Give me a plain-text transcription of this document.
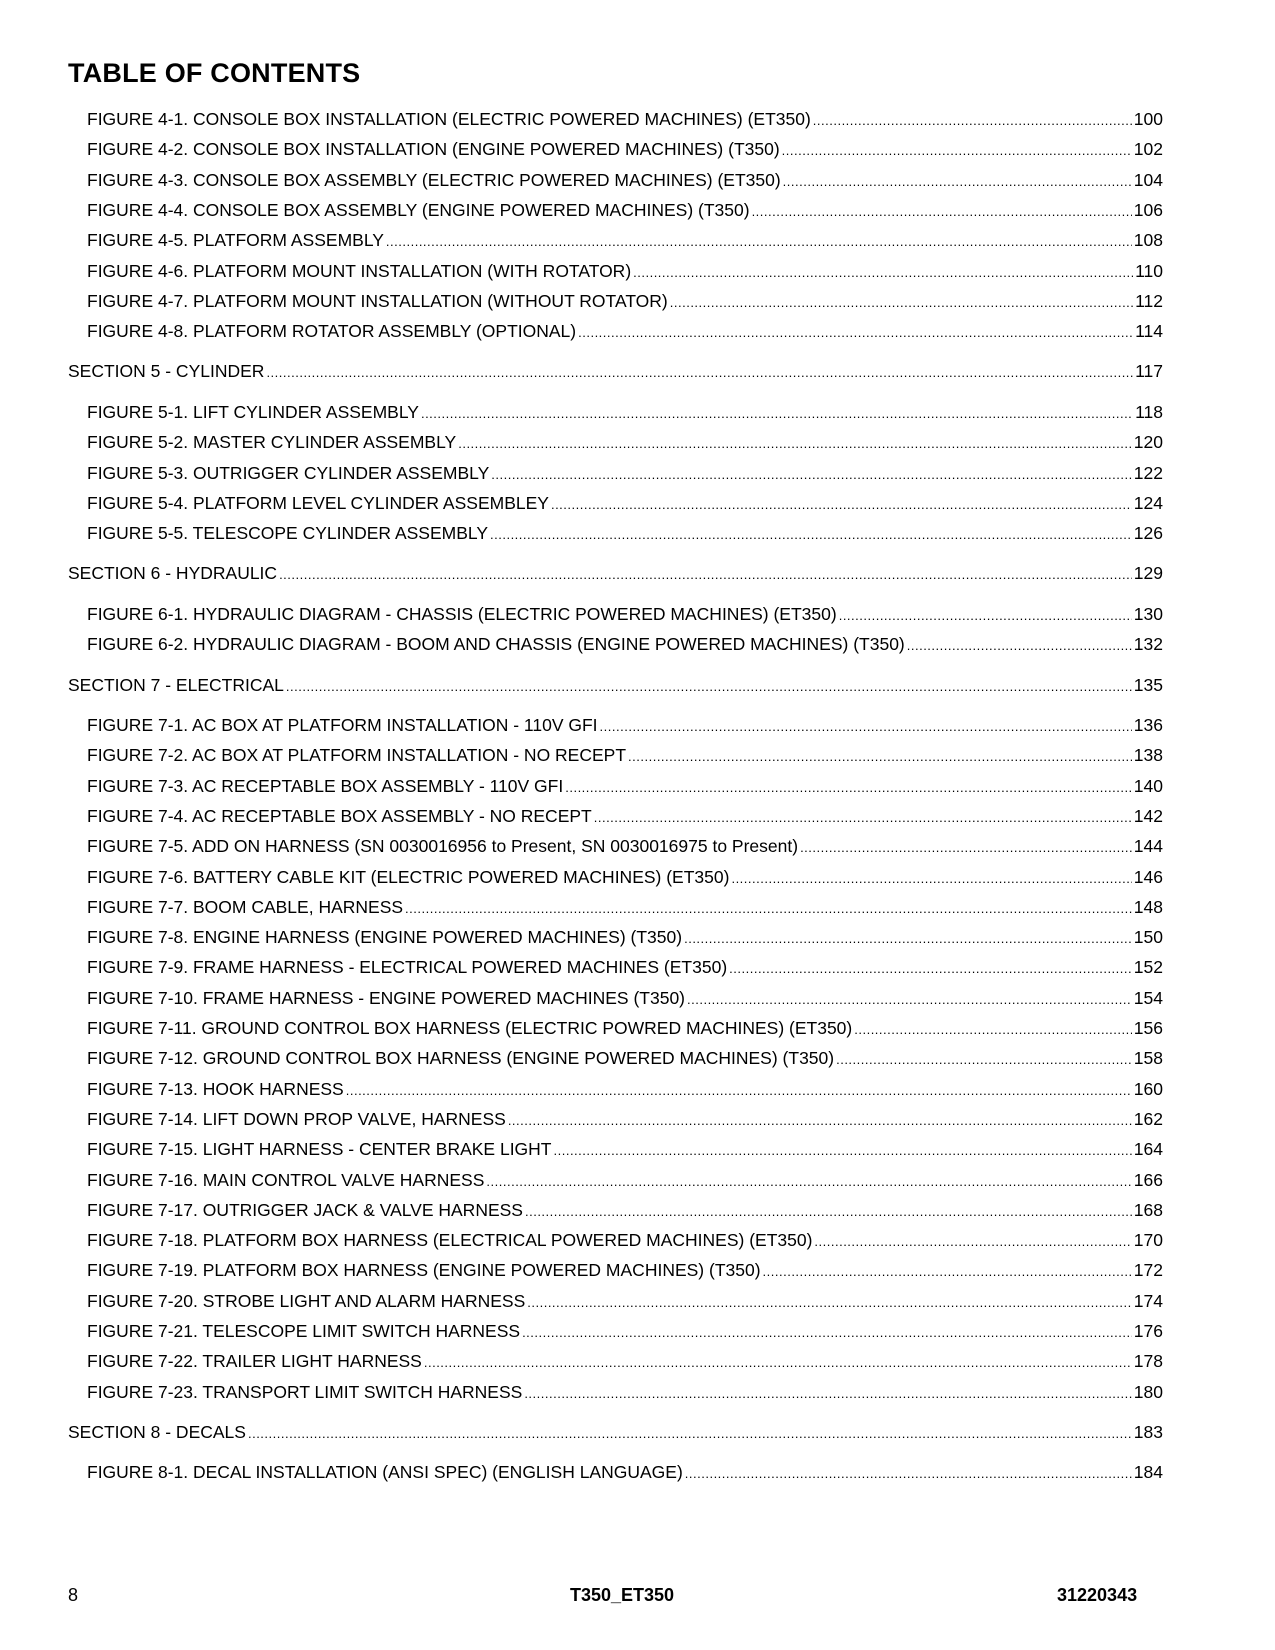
TABLE OF CONTENTS
FIGURE 4-1. CONSOLE BOX INSTALLATION (ELECTRIC POWERED MACHINES) (ET350) .....	100
FIGURE 4-2. CONSOLE BOX INSTALLATION (ENGINE POWERED MACHINES) (T350) .....	102
FIGURE 4-3. CONSOLE BOX ASSEMBLY (ELECTRIC POWERED MACHINES) (ET350) .....	104
FIGURE 4-4. CONSOLE BOX ASSEMBLY (ENGINE POWERED MACHINES) (T350) .....	106
FIGURE 4-5. PLATFORM ASSEMBLY .....	108
FIGURE 4-6. PLATFORM MOUNT INSTALLATION (WITH ROTATOR) .....	110
FIGURE 4-7. PLATFORM MOUNT INSTALLATION (WITHOUT ROTATOR) .....	112
FIGURE 4-8. PLATFORM ROTATOR ASSEMBLY (OPTIONAL) .....	114
SECTION 5 - CYLINDER .....	117
FIGURE 5-1. LIFT CYLINDER ASSEMBLY .....	118
FIGURE 5-2. MASTER CYLINDER ASSEMBLY .....	120
FIGURE 5-3. OUTRIGGER CYLINDER ASSEMBLY .....	122
FIGURE 5-4. PLATFORM LEVEL CYLINDER ASSEMBLEY .....	124
FIGURE 5-5. TELESCOPE CYLINDER ASSEMBLY .....	126
SECTION 6 - HYDRAULIC .....	129
FIGURE 6-1. HYDRAULIC DIAGRAM - CHASSIS (ELECTRIC POWERED MACHINES) (ET350) .....	130
FIGURE 6-2. HYDRAULIC DIAGRAM - BOOM AND CHASSIS (ENGINE POWERED MACHINES) (T350) .....	132
SECTION 7 - ELECTRICAL .....	135
FIGURE 7-1. AC BOX AT PLATFORM INSTALLATION - 110V GFI .....	136
FIGURE 7-2. AC BOX AT PLATFORM INSTALLATION - NO RECEPT .....	138
FIGURE 7-3. AC RECEPTABLE BOX ASSEMBLY - 110V GFI .....	140
FIGURE 7-4. AC RECEPTABLE BOX ASSEMBLY - NO RECEPT .....	142
FIGURE 7-5. ADD ON HARNESS (SN 0030016956 to Present, SN 0030016975 to Present) .....	144
FIGURE 7-6. BATTERY CABLE KIT (ELECTRIC POWERED MACHINES) (ET350) .....	146
FIGURE 7-7. BOOM CABLE, HARNESS .....	148
FIGURE 7-8. ENGINE HARNESS (ENGINE POWERED MACHINES) (T350) .....	150
FIGURE 7-9. FRAME HARNESS - ELECTRICAL POWERED MACHINES (ET350) .....	152
FIGURE 7-10. FRAME HARNESS - ENGINE POWERED MACHINES (T350) .....	154
FIGURE 7-11. GROUND CONTROL BOX HARNESS (ELECTRIC POWRED MACHINES) (ET350) .....	156
FIGURE 7-12. GROUND CONTROL BOX HARNESS (ENGINE POWERED MACHINES) (T350) .....	158
FIGURE 7-13. HOOK HARNESS .....	160
FIGURE 7-14. LIFT DOWN PROP VALVE, HARNESS .....	162
FIGURE 7-15. LIGHT HARNESS - CENTER BRAKE LIGHT .....	164
FIGURE 7-16. MAIN CONTROL VALVE HARNESS .....	166
FIGURE 7-17. OUTRIGGER JACK & VALVE HARNESS .....	168
FIGURE 7-18. PLATFORM BOX HARNESS (ELECTRICAL POWERED MACHINES) (ET350) .....	170
FIGURE 7-19. PLATFORM BOX HARNESS (ENGINE POWERED MACHINES) (T350) .....	172
FIGURE 7-20. STROBE LIGHT AND ALARM HARNESS .....	174
FIGURE 7-21. TELESCOPE LIMIT SWITCH HARNESS .....	176
FIGURE 7-22. TRAILER LIGHT HARNESS .....	178
FIGURE 7-23. TRANSPORT LIMIT SWITCH HARNESS .....	180
SECTION 8 - DECALS .....	183
FIGURE 8-1. DECAL INSTALLATION (ANSI SPEC) (ENGLISH LANGUAGE) .....	184
8	T350_ET350	31220343
